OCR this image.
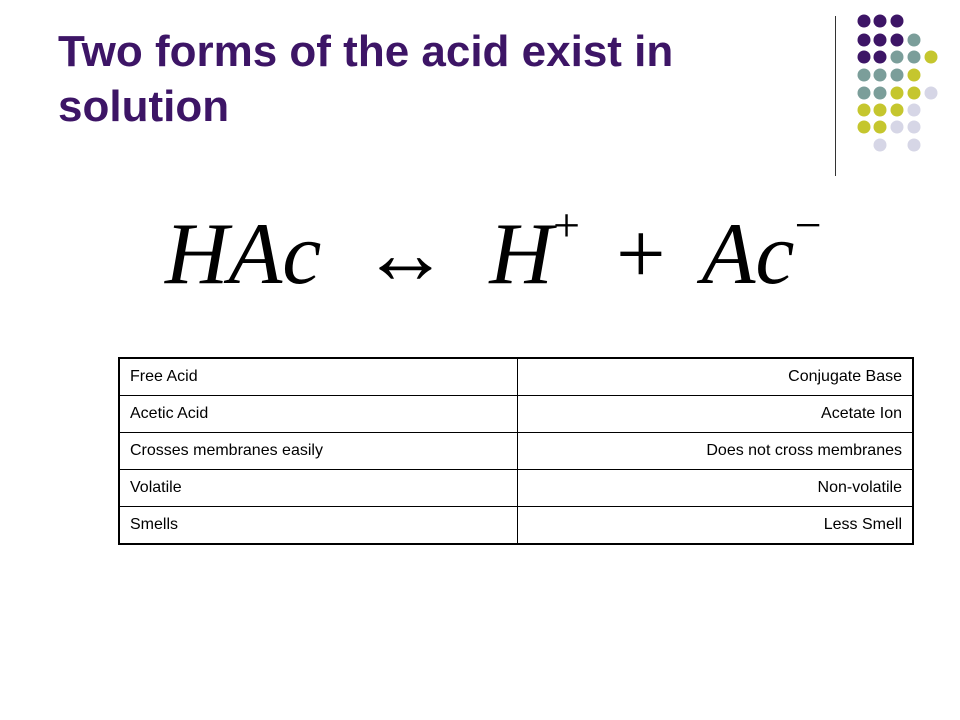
Two forms of the acid exist in solution
HAc ↔ H+ + Ac−
Free Acid	Conjugate Base
Acetic Acid	Acetate Ion
Crosses membranes easily	Does not cross membranes
Volatile	Non-volatile
Smells	Less Smell
